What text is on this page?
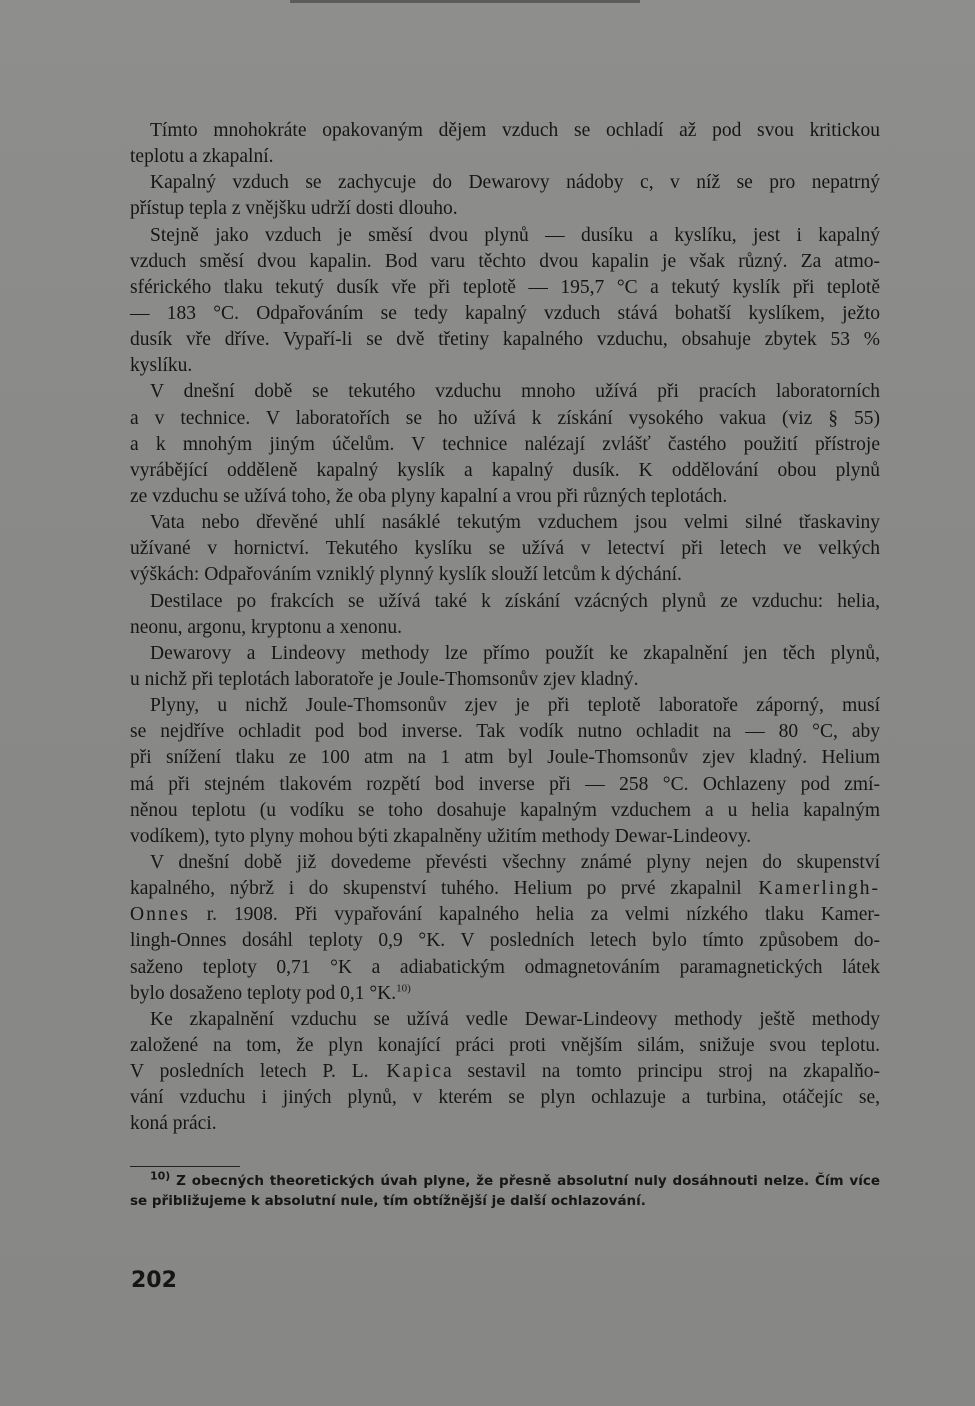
Tímto mnohokráte opakovaným dějem vzduch se ochladí až pod svou kritickou
teplotu a zkapalní.
Kapalný vzduch se zachycuje do Dewarovy nádoby c, v níž se pro nepatrný
přístup tepla z vnějšku udrží dosti dlouho.
Stejně jako vzduch je směsí dvou plynů — dusíku a kyslíku, jest i kapalný
vzduch směsí dvou kapalin. Bod varu těchto dvou kapalin je však různý. Za atmo-
sférického tlaku tekutý dusík vře při teplotě — 195,7 °C a tekutý kyslík při teplotě
— 183 °C. Odpařováním se tedy kapalný vzduch stává bohatší kyslíkem, ježto
dusík vře dříve. Vypaří-li se dvě třetiny kapalného vzduchu, obsahuje zbytek 53 %
kyslíku.
V dnešní době se tekutého vzduchu mnoho užívá při pracích laboratorních
a v technice. V laboratořích se ho užívá k získání vysokého vakua (viz § 55)
a k mnohým jiným účelům. V technice nalézají zvlášť častého použití přístroje
vyrábějící odděleně kapalný kyslík a kapalný dusík. K oddělování obou plynů
ze vzduchu se užívá toho, že oba plyny kapalní a vrou při různých teplotách.
Vata nebo dřevěné uhlí nasáklé tekutým vzduchem jsou velmi silné třaskaviny
užívané v hornictví. Tekutého kyslíku se užívá v letectví při letech ve velkých
výškách: Odpařováním vzniklý plynný kyslík slouží letcům k dýchání.
Destilace po frakcích se užívá také k získání vzácných plynů ze vzduchu: helia,
neonu, argonu, kryptonu a xenonu.
Dewarovy a Lindeovy methody lze přímo použít ke zkapalnění jen těch plynů,
u nichž při teplotách laboratoře je Joule-Thomsonův zjev kladný.
Plyny, u nichž Joule-Thomsonův zjev je při teplotě laboratoře záporný, musí
se nejdříve ochladit pod bod inverse. Tak vodík nutno ochladit na — 80 °C, aby
při snížení tlaku ze 100 atm na 1 atm byl Joule-Thomsonův zjev kladný. Helium
má při stejném tlakovém rozpětí bod inverse při — 258 °C. Ochlazeny pod zmí-
něnou teplotu (u vodíku se toho dosahuje kapalným vzduchem a u helia kapalným
vodíkem), tyto plyny mohou býti zkapalněny užitím methody Dewar-Lindeovy.
V dnešní době již dovedeme převésti všechny známé plyny nejen do skupenství
kapalného, nýbrž i do skupenství tuhého. Helium po prvé zkapalnil Kamerlingh-
Onnes r. 1908. Při vypařování kapalného helia za velmi nízkého tlaku Kamer-
lingh-Onnes dosáhl teploty 0,9 °K. V posledních letech bylo tímto způsobem do-
saženo teploty 0,71 °K a adiabatickým odmagnetováním paramagnetických látek
bylo dosaženo teploty pod 0,1 °K.$^{10)}$
Ke zkapalnění vzduchu se užívá vedle Dewar-Lindeovy methody ještě methody
založené na tom, že plyn konající práci proti vnějším silám, snižuje svou teplotu.
V posledních letech P. L. Kapica sestavil na tomto principu stroj na zkapalňo-
vání vzduchu i jiných plynů, v kterém se plyn ochlazuje a turbina, otáčejíc se,
koná práci.
$^{10)}$ Z obecných theoretických úvah plyne, že přesně absolutní nuly dosáhnouti nelze. Čím více
se přibližujeme k absolutní nule, tím obtížnější je další ochlazování.
202
